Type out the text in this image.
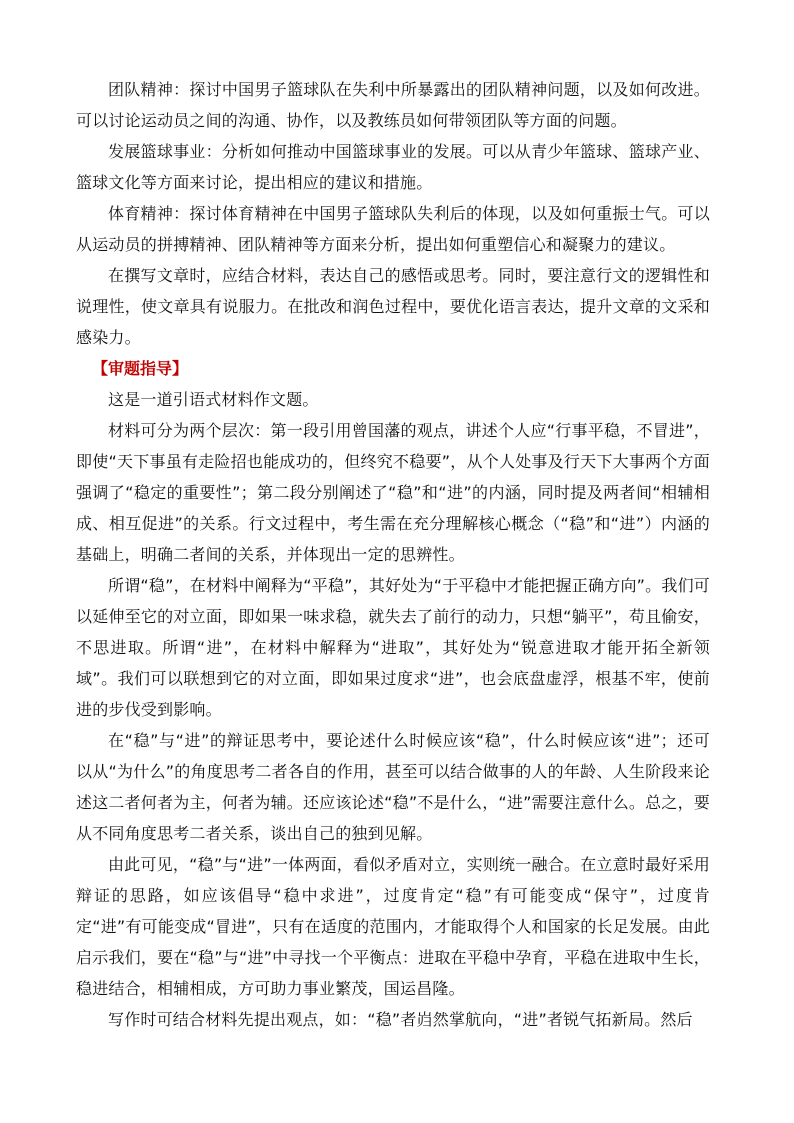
团队精神：探讨中国男子篮球队在失利中所暴露出的团队精神问题，以及如何改进。可以讨论运动员之间的沟通、协作，以及教练员如何带领团队等方面的问题。

发展篮球事业：分析如何推动中国篮球事业的发展。可以从青少年篮球、篮球产业、篮球文化等方面来讨论，提出相应的建议和措施。

体育精神：探讨体育精神在中国男子篮球队失利后的体现，以及如何重振士气。可以从运动员的拼搏精神、团队精神等方面来分析，提出如何重塑信心和凝聚力的建议。

在撰写文章时，应结合材料，表达自己的感悟或思考。同时，要注意行文的逻辑性和说理性，使文章具有说服力。在批改和润色过程中，要优化语言表达，提升文章的文采和感染力。

【审题指导】

这是一道引语式材料作文题。

材料可分为两个层次：第一段引用曾国藩的观点，讲述个人应“行事平稳，不冒进”，即使“天下事虽有走险招也能成功的，但终究不稳要”，从个人处事及行天下大事两个方面强调了“稳定的重要性”；第二段分别阐述了“稳”和“进”的内涵，同时提及两者间“相辅相成、相互促进”的关系。行文过程中，考生需在充分理解核心概念（“稳”和“进”）内涵的基础上，明确二者间的关系，并体现出一定的思辨性。

所谓“稳”，在材料中阐释为“平稳”，其好处为“于平稳中才能把握正确方向”。我们可以延伸至它的对立面，即如果一味求稳，就失去了前行的动力，只想“躺平”，苟且偷安，不思进取。所谓“进”，在材料中解释为“进取”，其好处为“锐意进取才能开拓全新领域”。我们可以联想到它的对立面，即如果过度求“进”，也会底盘虚浮，根基不牢，使前进的步伐受到影响。

在“稳”与“进”的辩证思考中，要论述什么时候应该“稳”，什么时候应该“进”；还可以从“为什么”的角度思考二者各自的作用，甚至可以结合做事的人的年龄、人生阶段来论述这二者何者为主，何者为辅。还应该论述“稳”不是什么，“进”需要注意什么。总之，要从不同角度思考二者关系，谈出自己的独到见解。

由此可见，“稳”与“进”一体两面，看似矛盾对立，实则统一融合。在立意时最好采用辩证的思路，如应该倡导“稳中求进”，过度肯定“稳”有可能变成“保守”，过度肯定“进”有可能变成“冒进”，只有在适度的范围内，才能取得个人和国家的长足发展。由此启示我们，要在“稳”与“进”中寻找一个平衡点：进取在平稳中孕育，平稳在进取中生长，稳进结合，相辅相成，方可助力事业繁茂，国运昌隆。

写作时可结合材料先提出观点，如：“稳”者岿然掌航向，“进”者锐气拓新局。然后
